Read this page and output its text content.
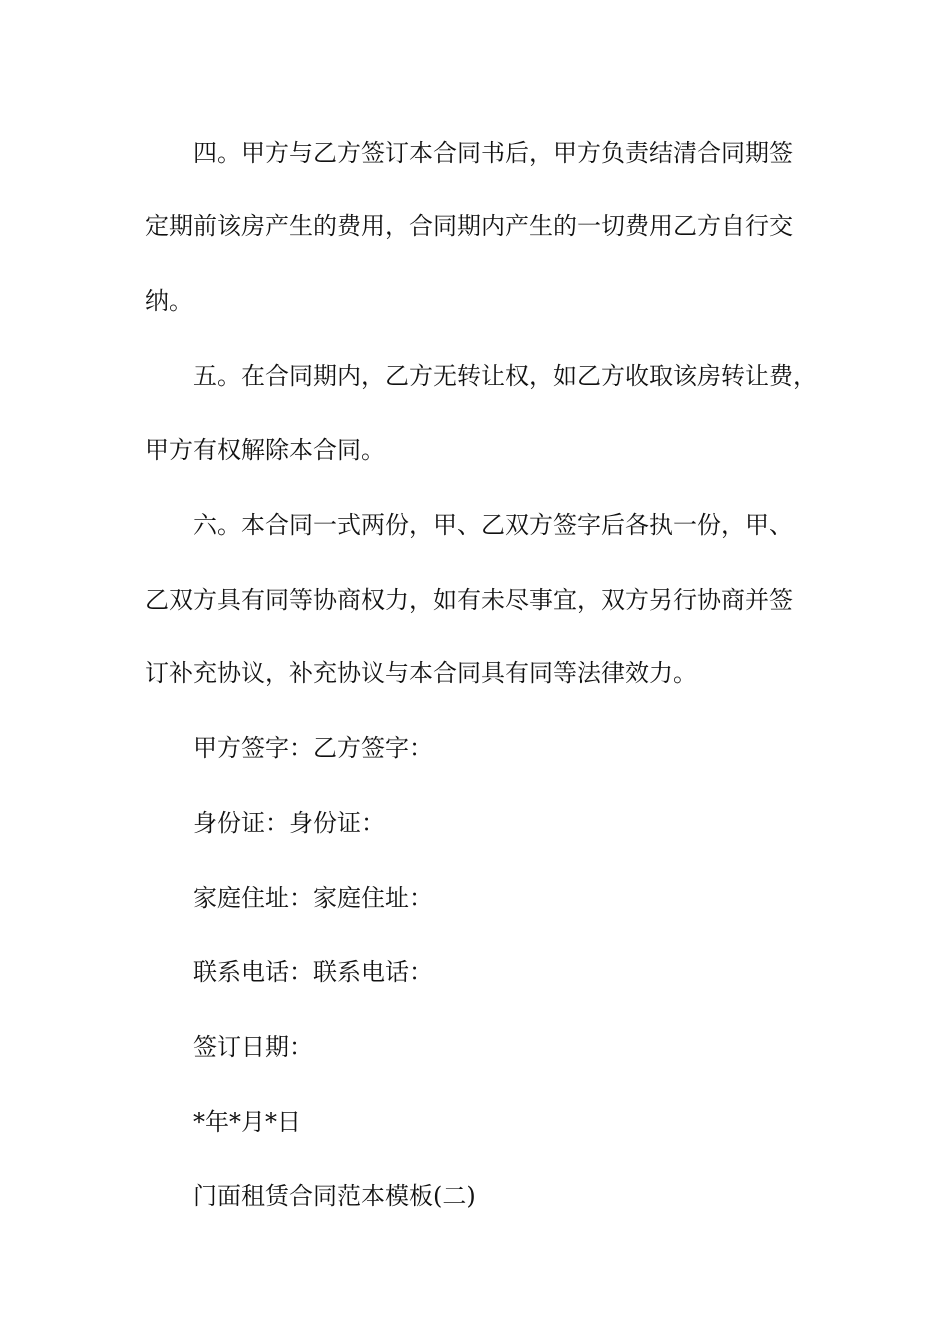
四。甲方与乙方签订本合同书后，甲方负责结清合同期签
定期前该房产生的费用，合同期内产生的一切费用乙方自行交
纳。
五。在合同期内，乙方无转让权，如乙方收取该房转让费，
甲方有权解除本合同。
六。本合同一式两份，甲、乙双方签字后各执一份，甲、
乙双方具有同等协商权力，如有未尽事宜，双方另行协商并签
订补充协议，补充协议与本合同具有同等法律效力。
甲方签字：乙方签字：
身份证：身份证：
家庭住址：家庭住址：
联系电话：联系电话：
签订日期：
*年*月*日
门面租赁合同范本模板(二)
